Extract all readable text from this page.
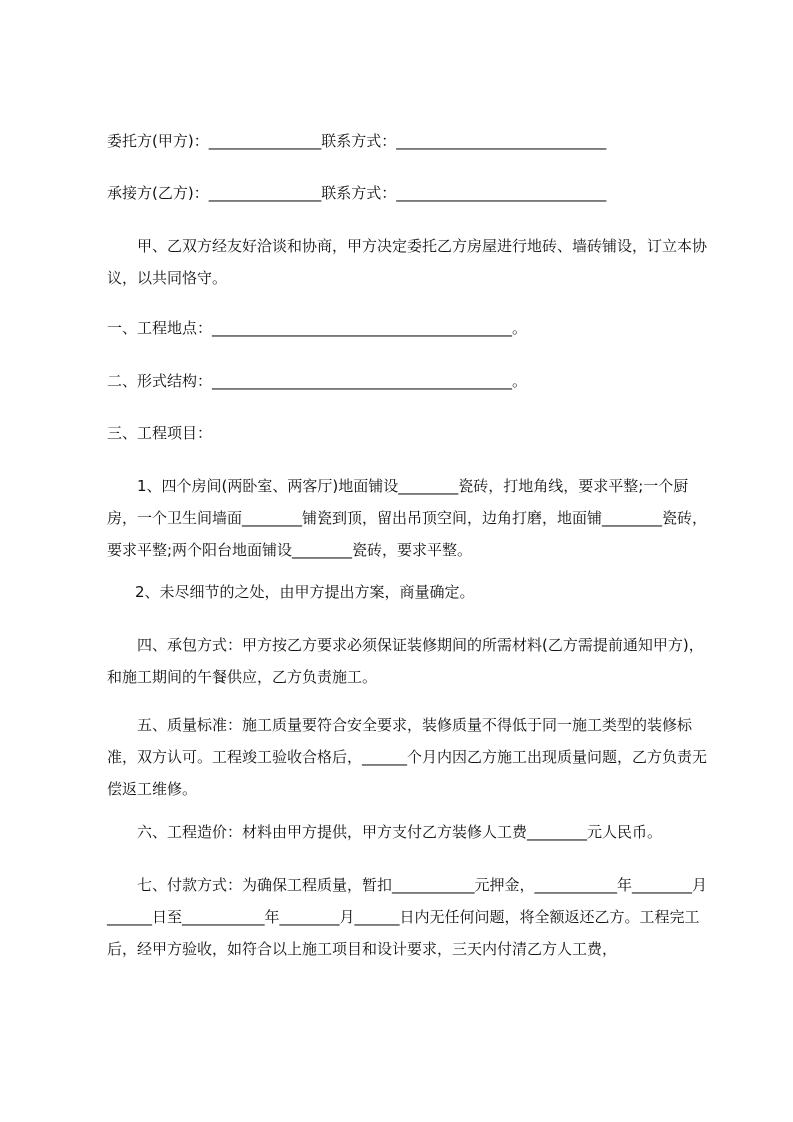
委托方(甲方)：_______________联系方式：____________________________

承接方(乙方)：_______________联系方式：____________________________

甲、乙双方经友好洽谈和协商，甲方决定委托乙方房屋进行地砖、墙砖铺设，订立本协议，以共同恪守。

一、工程地点：________________________________________。

二、形式结构：________________________________________。

三、工程项目：

1、四个房间(两卧室、两客厅)地面铺设________瓷砖，打地角线，要求平整;一个厨房，一个卫生间墙面________铺瓷到顶，留出吊顶空间，边角打磨，地面铺________瓷砖，要求平整;两个阳台地面铺设________瓷砖，要求平整。

2、未尽细节的之处，由甲方提出方案，商量确定。

四、承包方式：甲方按乙方要求必须保证装修期间的所需材料(乙方需提前通知甲方)，和施工期间的午餐供应，乙方负责施工。

五、质量标准：施工质量要符合安全要求，装修质量不得低于同一施工类型的装修标准，双方认可。工程竣工验收合格后，______个月内因乙方施工出现质量问题，乙方负责无偿返工维修。

六、工程造价：材料由甲方提供，甲方支付乙方装修人工费________元人民币。

七、付款方式：为确保工程质量，暂扣___________元押金，___________年________月______日至___________年________月______日内无任何问题，将全额返还乙方。工程完工后，经甲方验收，如符合以上施工项目和设计要求，三天内付清乙方人工费，
